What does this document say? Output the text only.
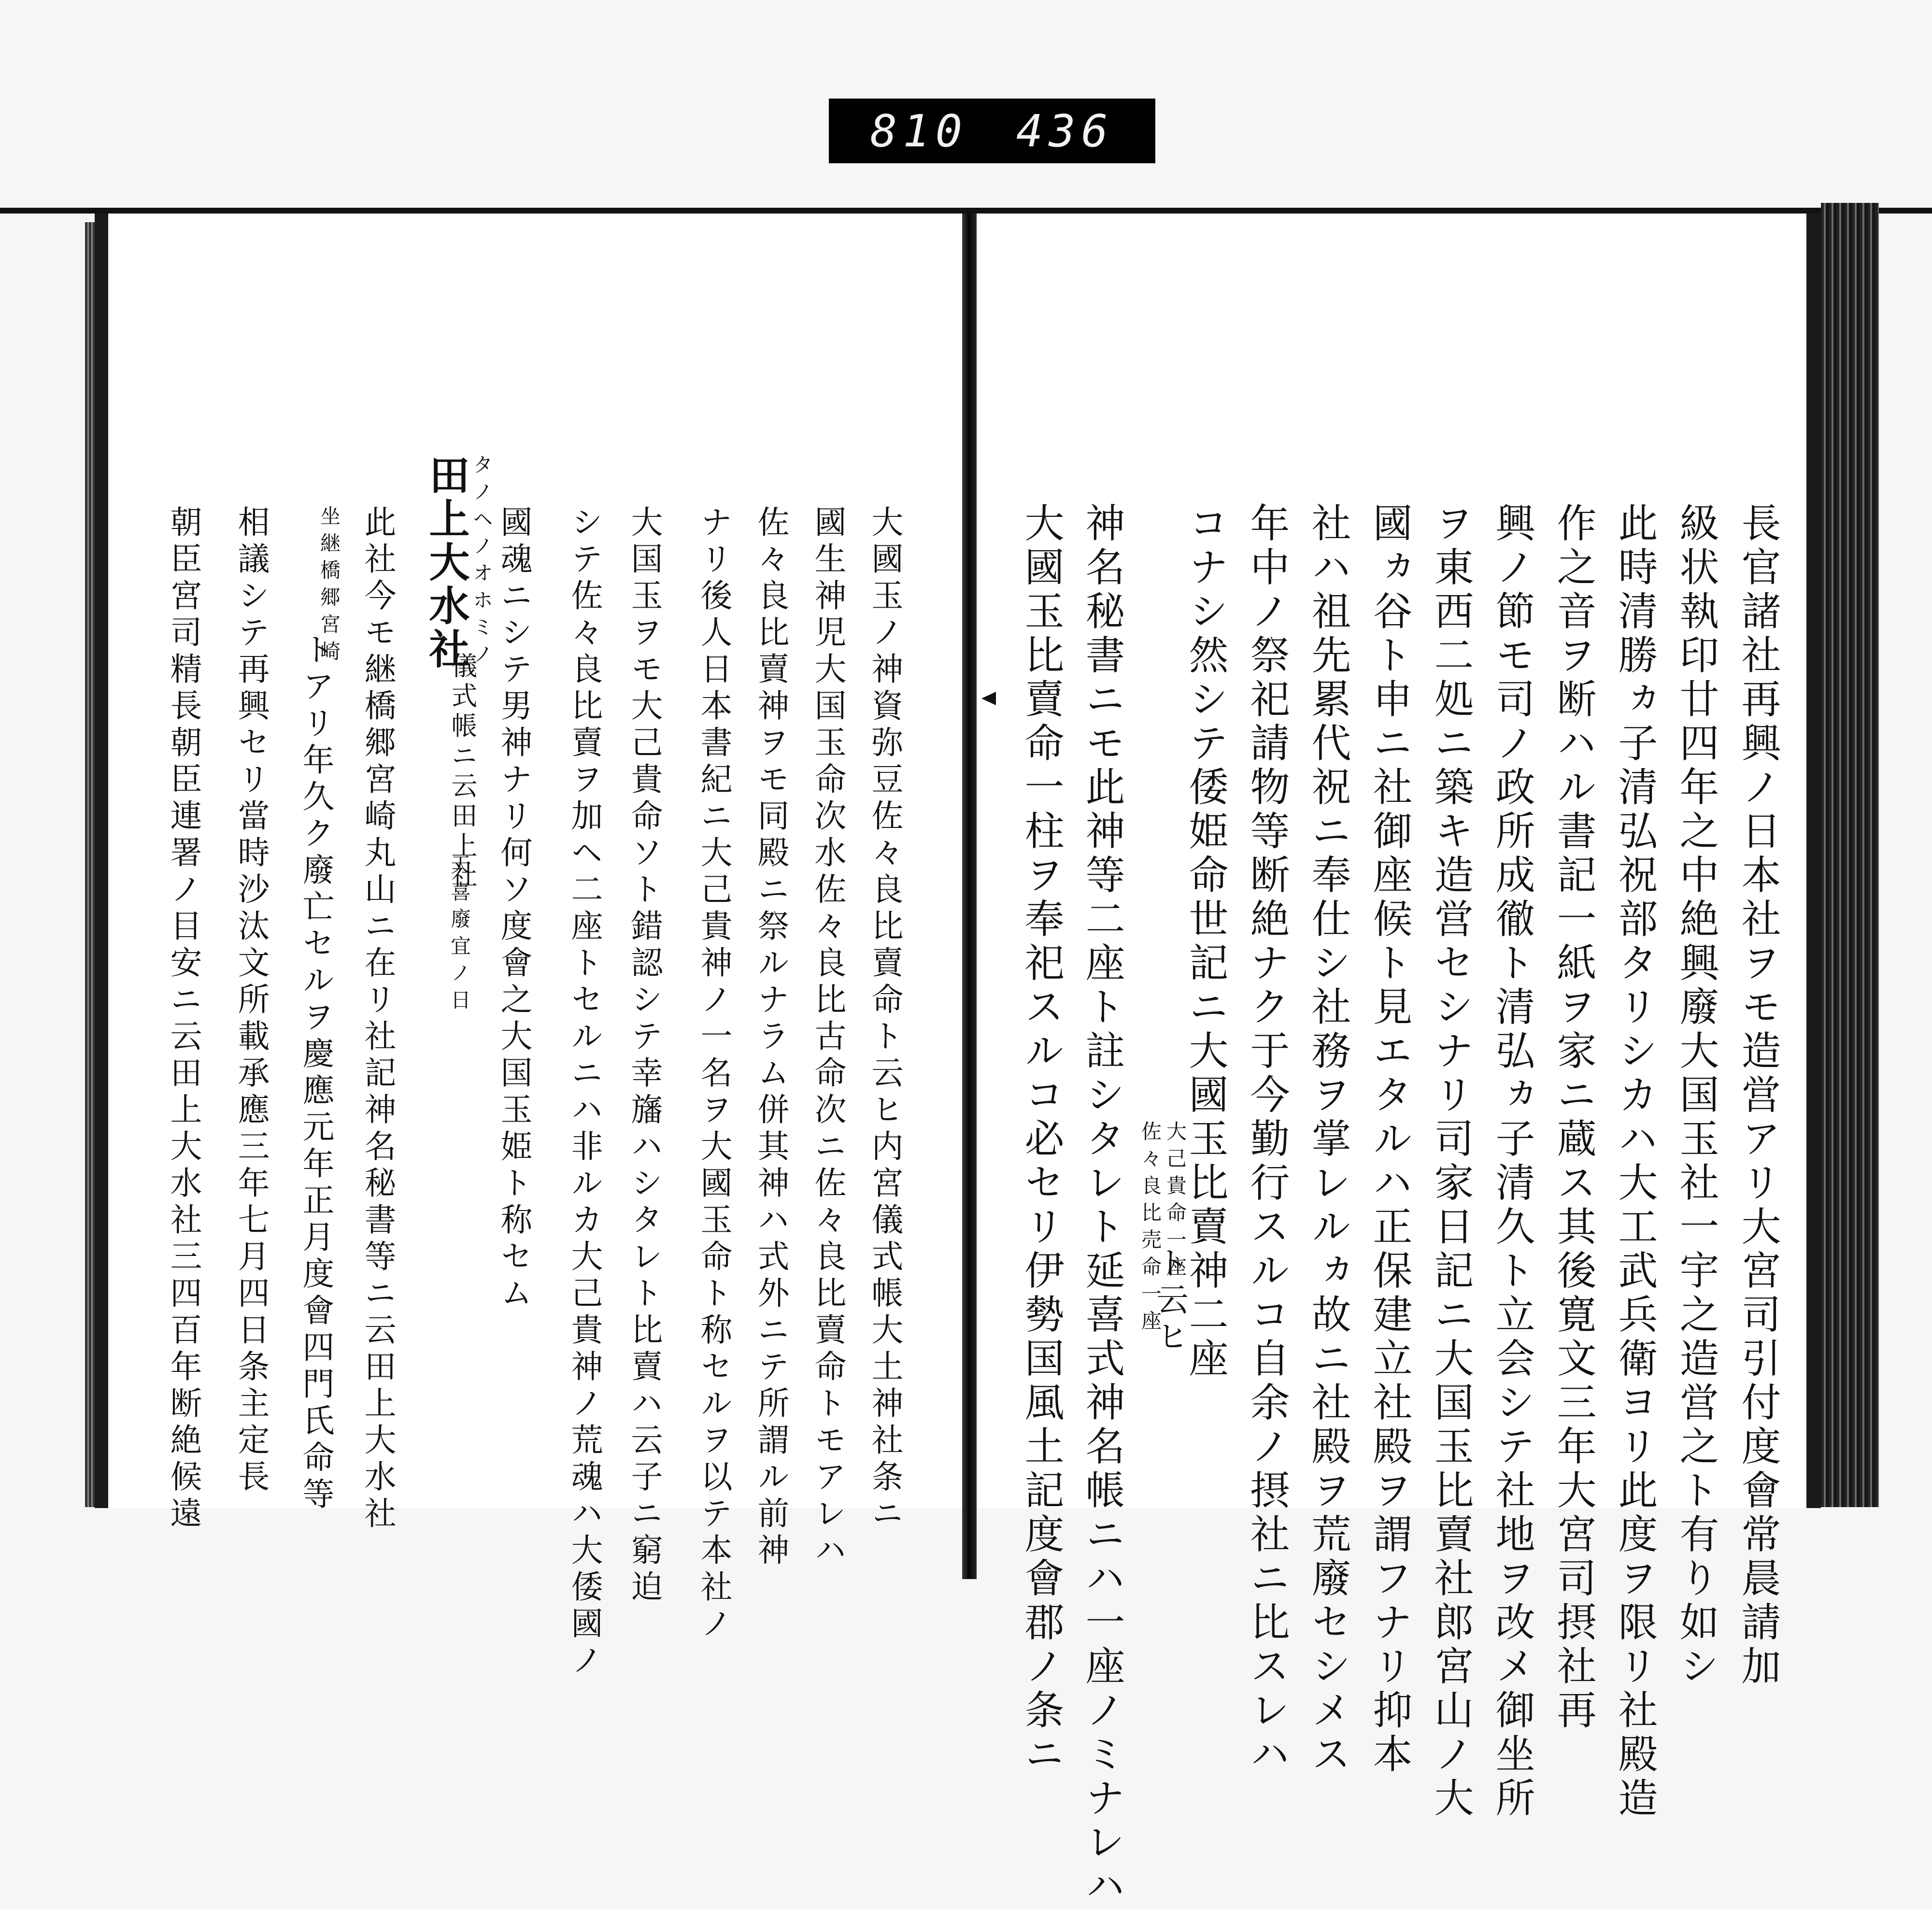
810 436
長官諸社再興ノ日本社ヲモ造営アリ大宮司引付度會常晨請加
級状執印廿四年之中絶興廢大国玉社一宇之造営之ト有り如シ
此時清勝ヵ子清弘祝部タリシカハ大工武兵衛ヨリ此度ヲ限リ社殿造
作之音ヲ断ハル書記一紙ヲ家ニ蔵ス其後寛文三年大宮司摂社再
興ノ節モ司ノ政所成徹ト清弘ヵ子清久ト立会シテ社地ヲ改メ御坐所
ヲ東西二処ニ築キ造営セシナリ司家日記ニ大国玉比賣社郎宮山ノ大
國ヵ谷ト申ニ社御座候ト見エタルハ正保建立社殿ヲ謂フナリ抑本
社ハ祖先累代祝ニ奉仕シ社務ヲ掌レルヵ故ニ社殿ヲ荒廢セシメス
年中ノ祭祀請物等断絶ナク于今勤行スルコ自余ノ摂社ニ比スレハ
コナシ然シテ倭姫命世記ニ大國玉比賣神二座
大己貴命一座
佐々良比売命一座
ト云ヒ
神名秘書ニモ此神等二座ト註シタレト延喜式神名帳ニハ一座ノミナレハ
大國玉比賣命一柱ヲ奉祀スルコ必セリ伊勢国風土記度會郡ノ条ニ
大國玉ノ神資弥豆佐々良比賣命ト云ヒ内宮儀式帳大土神社条ニ
國生神児大国玉命次水佐々良比古命次ニ佐々良比賣命トモアレハ
佐々良比賣神ヲモ同殿ニ祭ルナラム併其神ハ式外ニテ所謂ル前神
ナリ後人日本書紀ニ大己貴神ノ一名ヲ大國玉命ト称セルヲ以テ本社ノ
大国玉ヲモ大己貴命ソト錯認シテ幸旛ハシタレト比賣ハ云子ニ窮迫
シテ佐々良比賣ヲ加ヘ二座トセルニハ非ルカ大己貴神ノ荒魂ハ大倭國ノ
國魂ニシテ男神ナリ何ソ度會之大国玉姫ト称セム
タノヘノオホミノ
田上大水社
儀式帳ニ云田上社
天喜廢宜ノ日
此社今モ継橋郷宮崎丸山ニ在リ社記神名秘書等ニ云田上大水社
坐継橋郷宮崎
トアリ年久ク廢亡セルヲ慶應元年正月度會四門氏命等
相議シテ再興セリ當時沙汰文所載承應三年七月四日条主定長
朝臣宮司精長朝臣連署ノ目安ニ云田上大水社三四百年断絶候遠
